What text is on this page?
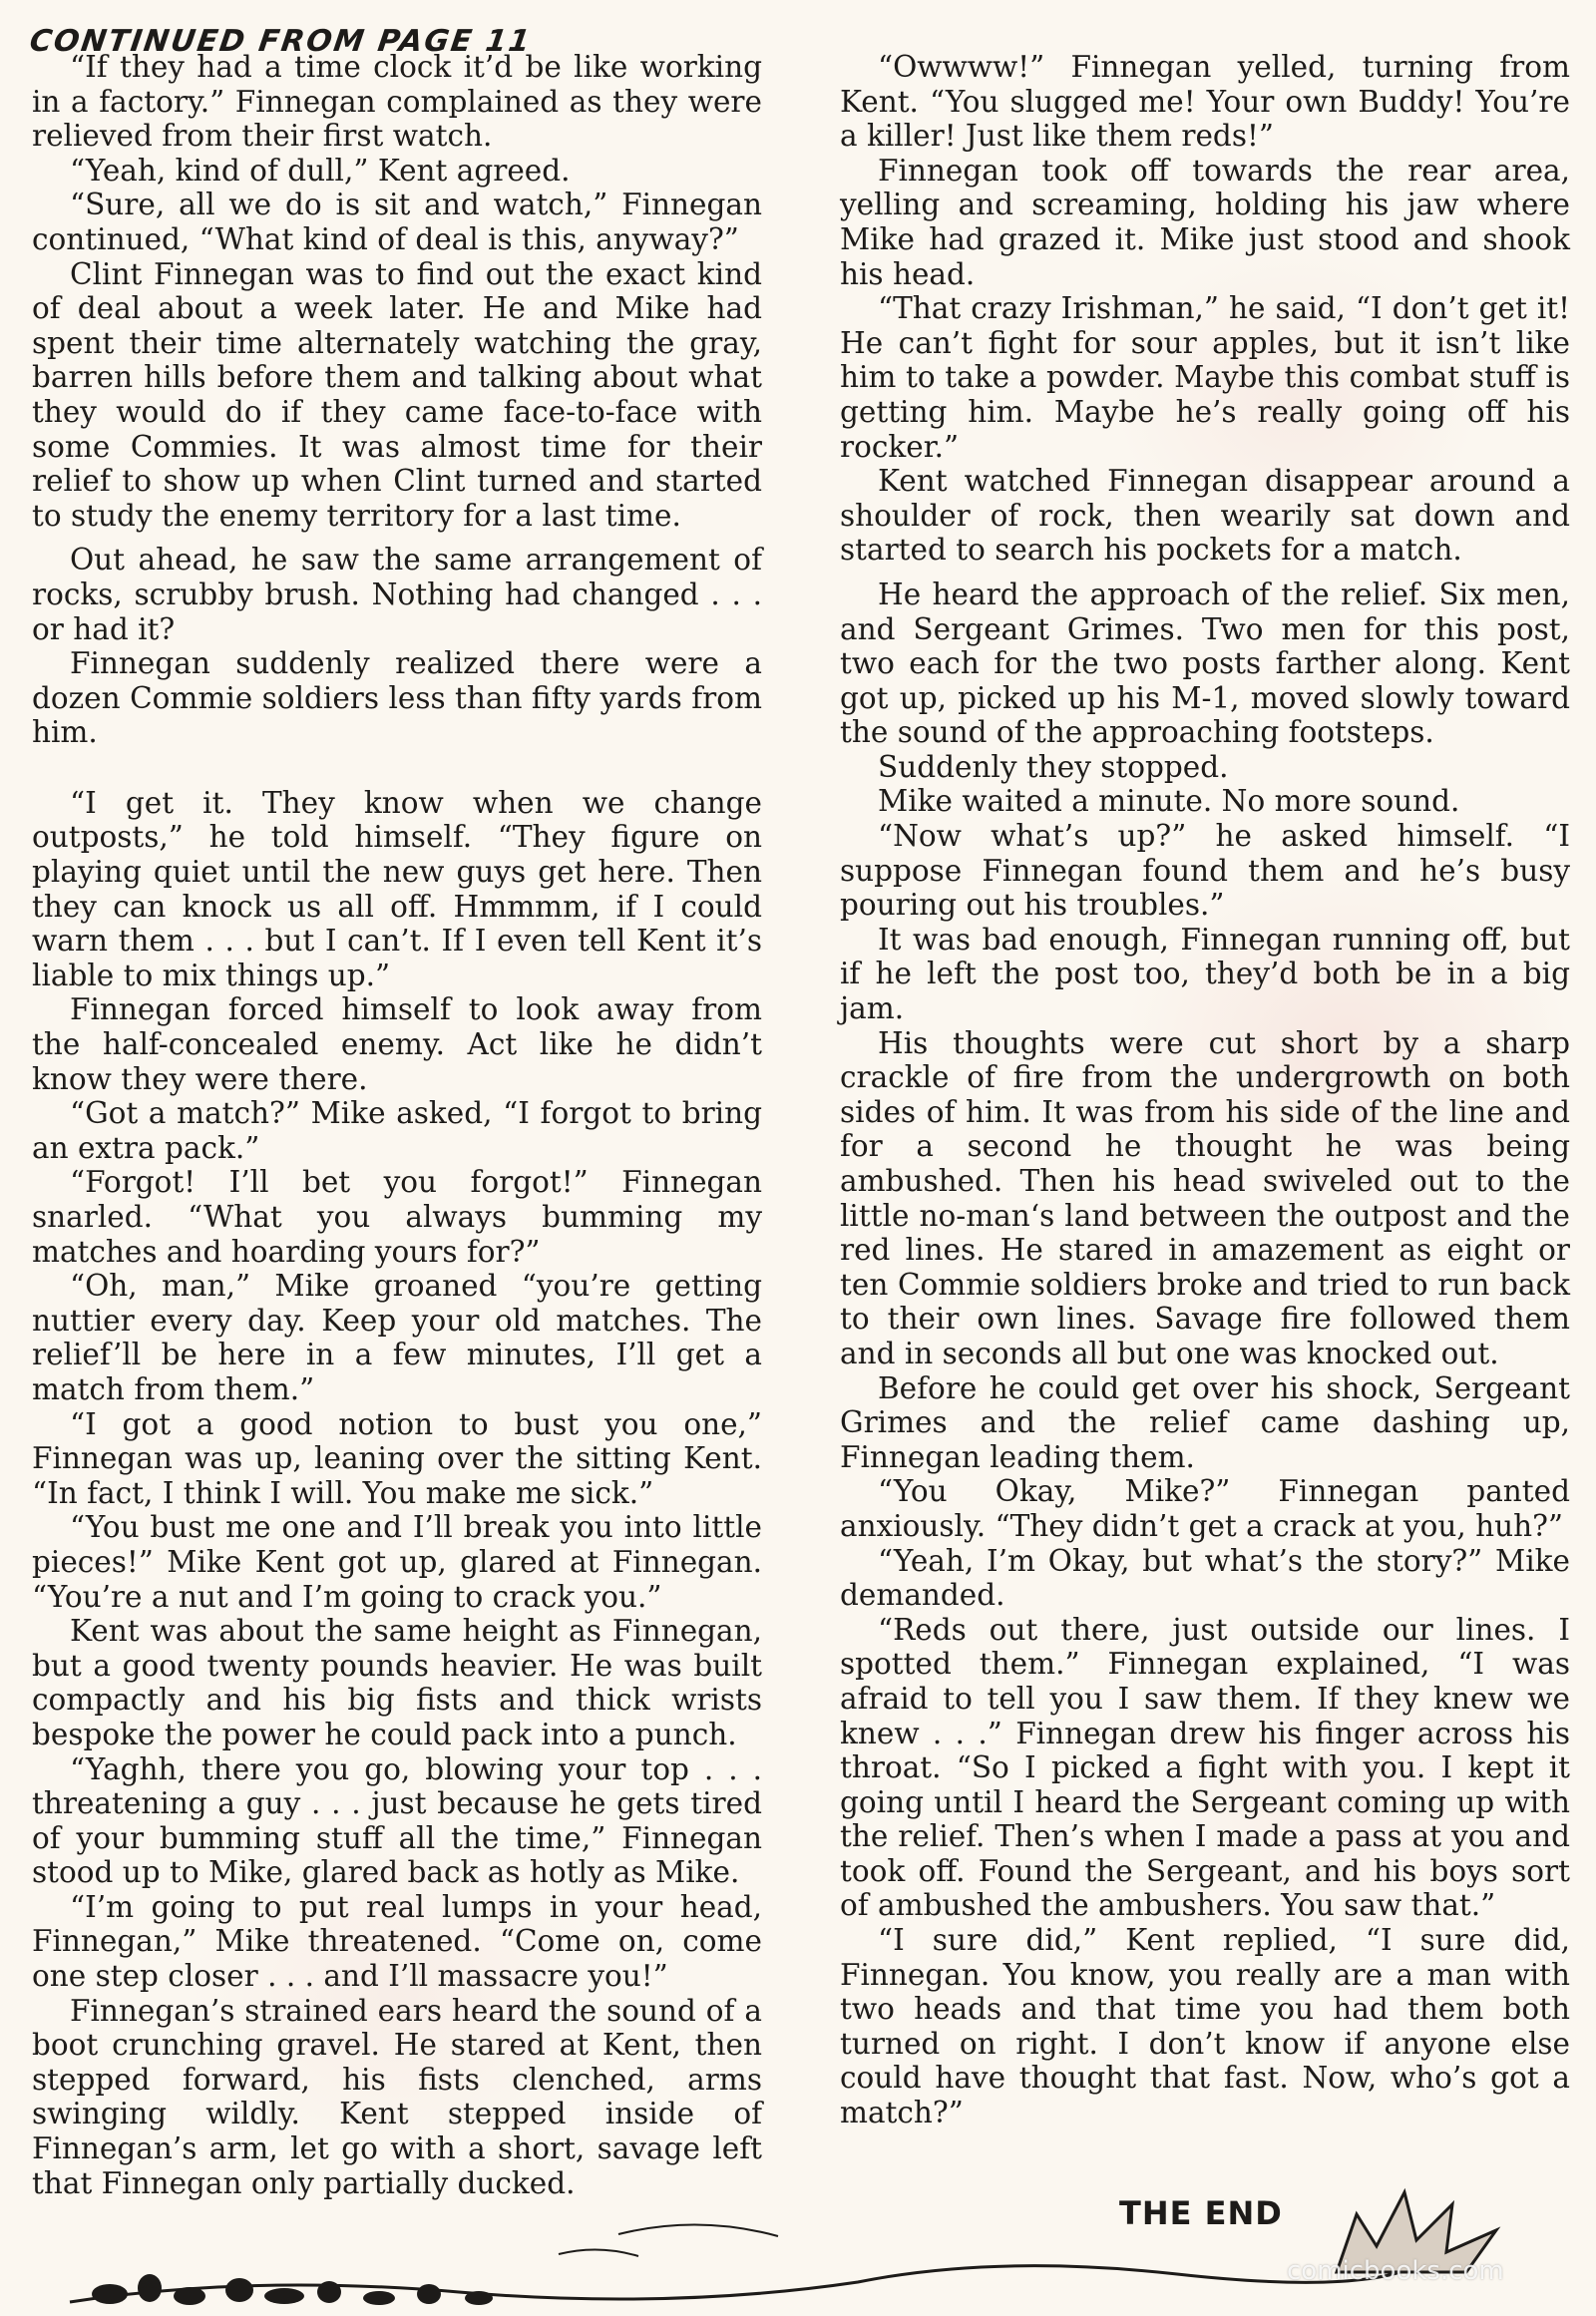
CONTINUED FROM PAGE 11

“If they had a time clock it’d be like working in a factory.” Finnegan complained as they were relieved from their first watch.

“Yeah, kind of dull,” Kent agreed.

“Sure, all we do is sit and watch,” Finnegan continued, “What kind of deal is this, anyway?”

Clint Finnegan was to find out the exact kind of deal about a week later. He and Mike had spent their time alternately watching the gray, barren hills before them and talking about what they would do if they came face-to-face with some Commies. It was almost time for their relief to show up when Clint turned and started to study the enemy territory for a last time.

Out ahead, he saw the same arrangement of rocks, scrubby brush. Nothing had changed . . . or had it?

Finnegan suddenly realized there were a dozen Commie soldiers less than fifty yards from him.

“I get it. They know when we change outposts,” he told himself. “They figure on playing quiet until the new guys get here. Then they can knock us all off. Hmmmm, if I could warn them . . . but I can’t. If I even tell Kent it’s liable to mix things up.”

Finnegan forced himself to look away from the half-concealed enemy. Act like he didn’t know they were there.

“Got a match?” Mike asked, “I forgot to bring an extra pack.”

“Forgot! I’ll bet you forgot!” Finnegan snarled. “What you always bumming my matches and hoarding yours for?”

“Oh, man,” Mike groaned “you’re getting nuttier every day. Keep your old matches. The relief’ll be here in a few minutes, I’ll get a match from them.”

“I got a good notion to bust you one,” Finnegan was up, leaning over the sitting Kent. “In fact, I think I will. You make me sick.”

“You bust me one and I’ll break you into little pieces!” Mike Kent got up, glared at Finnegan. “You’re a nut and I’m going to crack you.”

Kent was about the same height as Finnegan, but a good twenty pounds heavier. He was built compactly and his big fists and thick wrists bespoke the power he could pack into a punch.

“Yaghh, there you go, blowing your top . . . threatening a guy . . . just because he gets tired of your bumming stuff all the time,” Finnegan stood up to Mike, glared back as hotly as Mike.

“I’m going to put real lumps in your head, Finnegan,” Mike threatened. “Come on, come one step closer . . . and I’ll massacre you!”

Finnegan’s strained ears heard the sound of a boot crunching gravel. He stared at Kent, then stepped forward, his fists clenched, arms swinging wildly. Kent stepped inside of Finnegan’s arm, let go with a short, savage left that Finnegan only partially ducked.

“Owwww!” Finnegan yelled, turning from Kent. “You slugged me! Your own Buddy! You’re a killer! Just like them reds!”

Finnegan took off towards the rear area, yelling and screaming, holding his jaw where Mike had grazed it. Mike just stood and shook his head.

“That crazy Irishman,” he said, “I don’t get it! He can’t fight for sour apples, but it isn’t like him to take a powder. Maybe this combat stuff is getting him. Maybe he’s really going off his rocker.”

Kent watched Finnegan disappear around a shoulder of rock, then wearily sat down and started to search his pockets for a match.

He heard the approach of the relief. Six men, and Sergeant Grimes. Two men for this post, two each for the two posts farther along. Kent got up, picked up his M-1, moved slowly toward the sound of the approaching footsteps.

Suddenly they stopped.

Mike waited a minute. No more sound.

“Now what’s up?” he asked himself. “I suppose Finnegan found them and he’s busy pouring out his troubles.”

It was bad enough, Finnegan running off, but if he left the post too, they’d both be in a big jam.

His thoughts were cut short by a sharp crackle of fire from the undergrowth on both sides of him. It was from his side of the line and for a second he thought he was being ambushed. Then his head swiveled out to the little no-man‘s land between the outpost and the red lines. He stared in amazement as eight or ten Commie soldiers broke and tried to run back to their own lines. Savage fire followed them and in seconds all but one was knocked out.

Before he could get over his shock, Sergeant Grimes and the relief came dashing up, Finnegan leading them.

“You Okay, Mike?” Finnegan panted anxiously. “They didn’t get a crack at you, huh?”

“Yeah, I’m Okay, but what’s the story?” Mike demanded.

“Reds out there, just outside our lines. I spotted them.” Finnegan explained, “I was afraid to tell you I saw them. If they knew we knew . . .” Finnegan drew his finger across his throat. “So I picked a fight with you. I kept it going until I heard the Sergeant coming up with the relief. Then’s when I made a pass at you and took off. Found the Sergeant, and his boys sort of ambushed the ambushers. You saw that.”

“I sure did,” Kent replied, “I sure did, Finnegan. You know, you really are a man with two heads and that time you had them both turned on right. I don’t know if anyone else could have thought that fast. Now, who’s got a match?”

THE END
comicbooks.com
